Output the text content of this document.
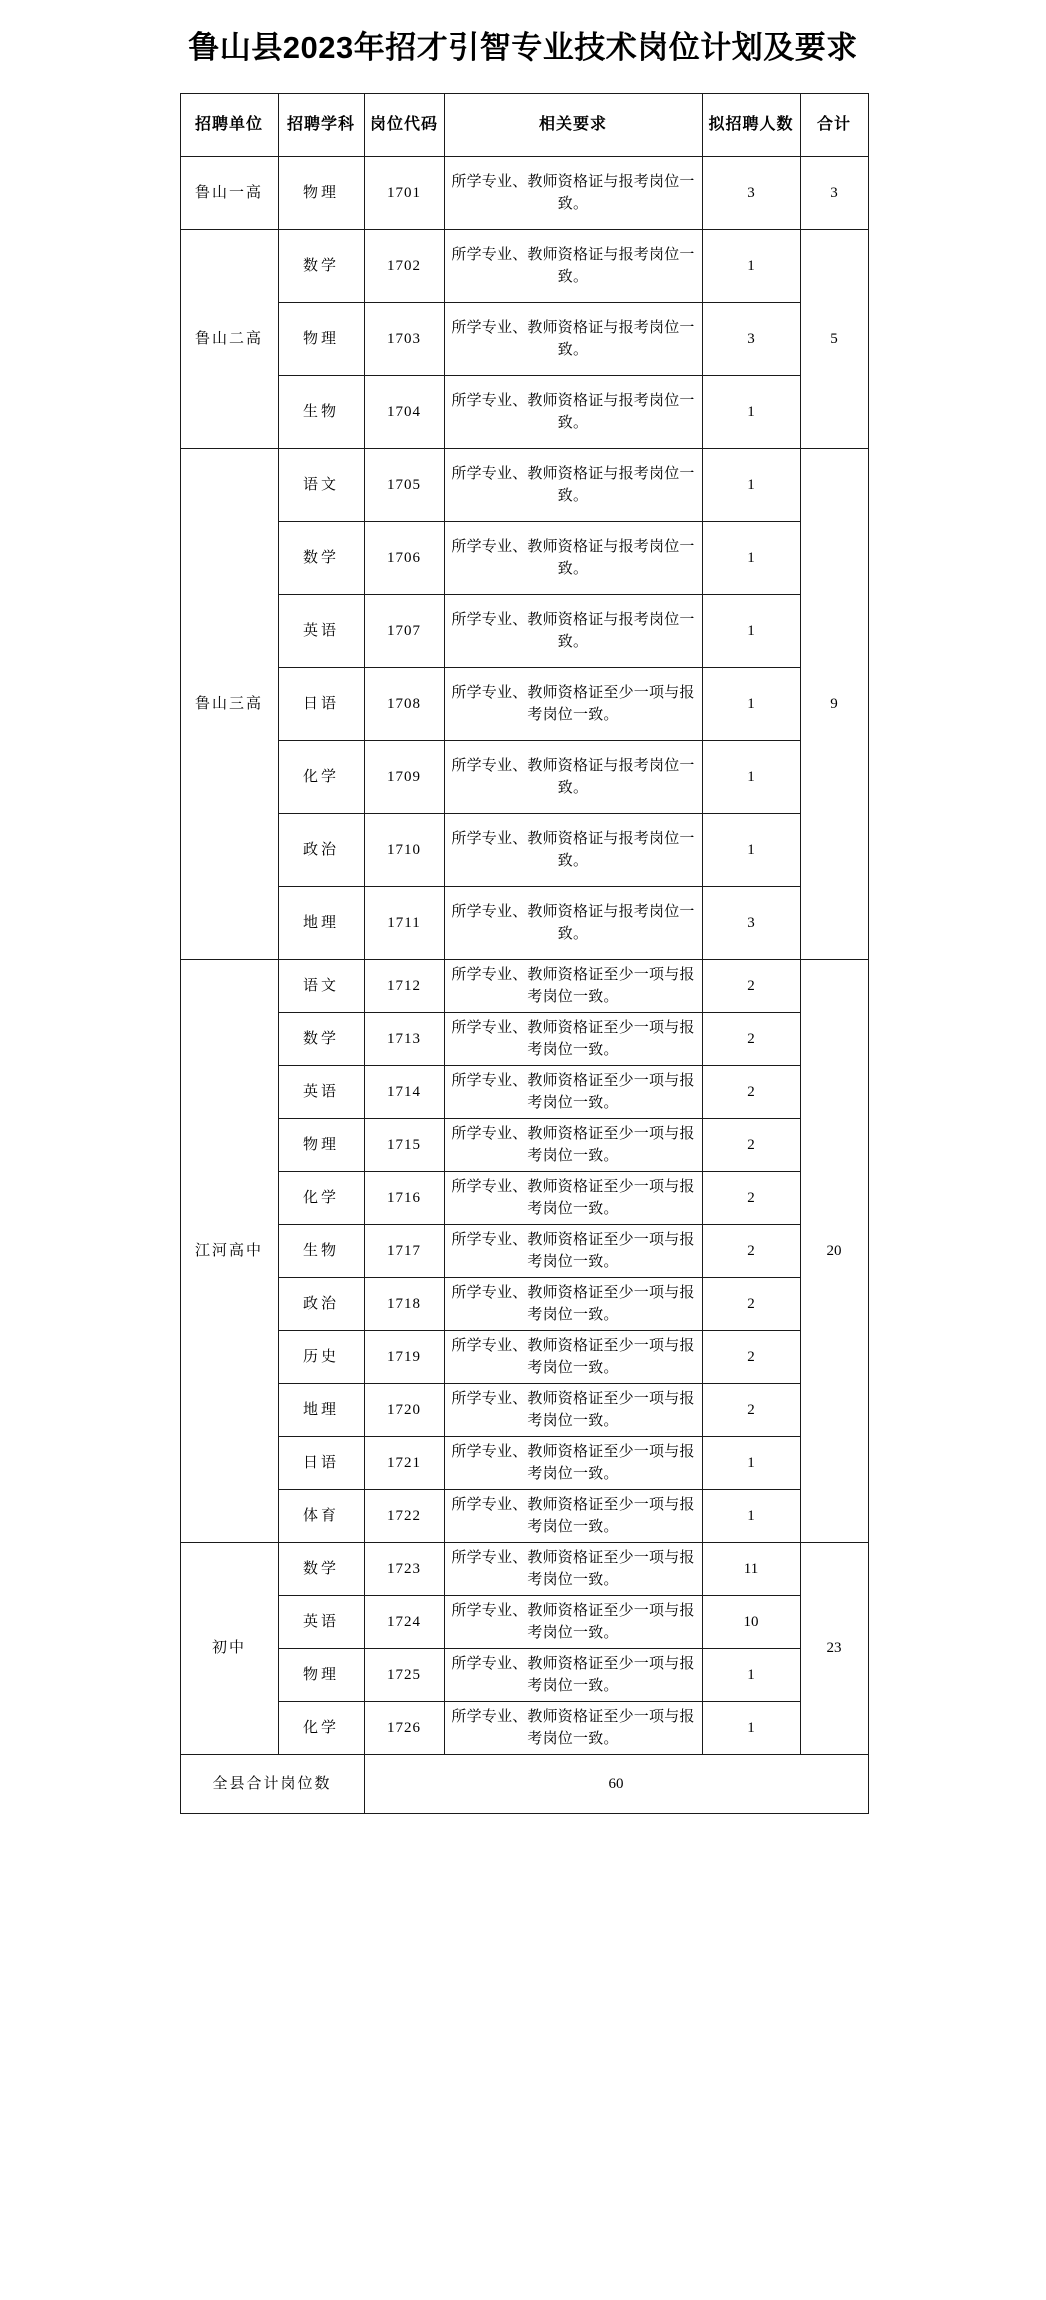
鲁山县2023年招才引智专业技术岗位计划及要求
招聘单位	招聘学科	岗位代码	相关要求	拟招聘人数	合计
鲁山一高	物理	1701	所学专业、教师资格证与报考岗位一致。	3	3
鲁山二高	数学	1702	所学专业、教师资格证与报考岗位一致。	1	5
	物理	1703	所学专业、教师资格证与报考岗位一致。	3	
	生物	1704	所学专业、教师资格证与报考岗位一致。	1	
鲁山三高	语文	1705	所学专业、教师资格证与报考岗位一致。	1	9
	数学	1706	所学专业、教师资格证与报考岗位一致。	1	
	英语	1707	所学专业、教师资格证与报考岗位一致。	1	
	日语	1708	所学专业、教师资格证至少一项与报考岗位一致。	1	
	化学	1709	所学专业、教师资格证与报考岗位一致。	1	
	政治	1710	所学专业、教师资格证与报考岗位一致。	1	
	地理	1711	所学专业、教师资格证与报考岗位一致。	3	
江河高中	语文	1712	所学专业、教师资格证至少一项与报考岗位一致。	2	20
	数学	1713	所学专业、教师资格证至少一项与报考岗位一致。	2	
	英语	1714	所学专业、教师资格证至少一项与报考岗位一致。	2	
	物理	1715	所学专业、教师资格证至少一项与报考岗位一致。	2	
	化学	1716	所学专业、教师资格证至少一项与报考岗位一致。	2	
	生物	1717	所学专业、教师资格证至少一项与报考岗位一致。	2	
	政治	1718	所学专业、教师资格证至少一项与报考岗位一致。	2	
	历史	1719	所学专业、教师资格证至少一项与报考岗位一致。	2	
	地理	1720	所学专业、教师资格证至少一项与报考岗位一致。	2	
	日语	1721	所学专业、教师资格证至少一项与报考岗位一致。	1	
	体育	1722	所学专业、教师资格证至少一项与报考岗位一致。	1	
初中	数学	1723	所学专业、教师资格证至少一项与报考岗位一致。	11	23
	英语	1724	所学专业、教师资格证至少一项与报考岗位一致。	10	
	物理	1725	所学专业、教师资格证至少一项与报考岗位一致。	1	
	化学	1726	所学专业、教师资格证至少一项与报考岗位一致。	1	
全县合计岗位数		60			
